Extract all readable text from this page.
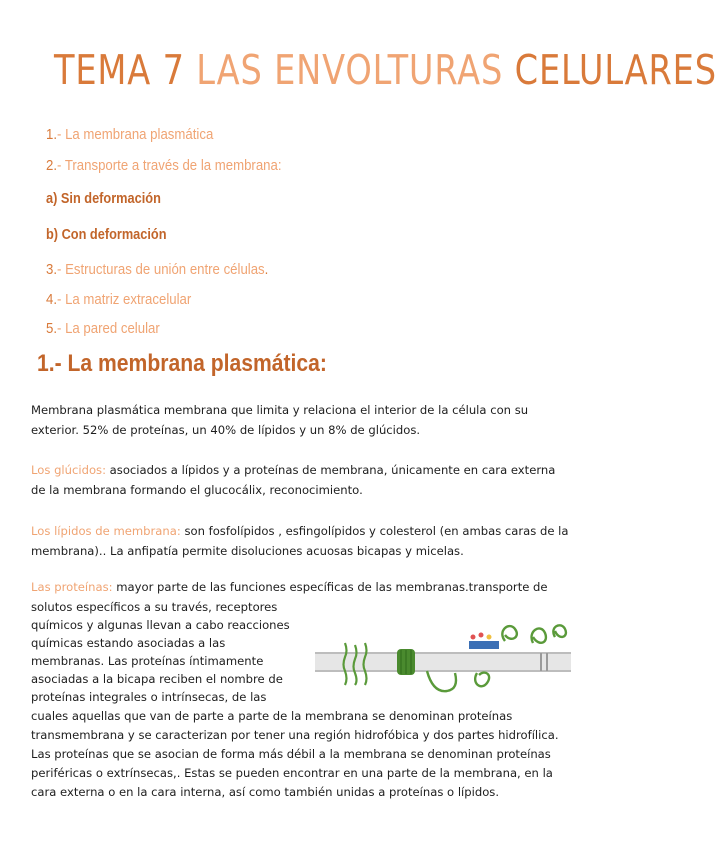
TEMA 7 LAS ENVOLTURAS CELULARES
1.- La membrana plasmática
2.- Transporte a través de la membrana:
a) Sin deformación
b) Con deformación
3.- Estructuras de unión entre células.
4.- La matriz extracelular
5.- La pared celular
1.- La membrana plasmática:
Membrana plasmática membrana que limita y relaciona el interior de la célula con su
exterior. 52% de proteínas, un 40% de lípidos y un 8% de glúcidos.
Los glúcidos: asociados a lípidos y a proteínas de membrana, únicamente en cara externa
de la membrana formando el glucocálix, reconocimiento.
Los lípidos de membrana: son fosfolípidos , esfingolípidos y colesterol (en ambas caras de la
membrana).. La anfipatía permite disoluciones acuosas bicapas y micelas.
Las proteínas: mayor parte de las funciones específicas de las membranas.transporte de
solutos específicos a su través, receptores
químicos y algunas llevan a cabo reacciones
químicas estando asociadas a las
membranas. Las proteínas íntimamente
asociadas a la bicapa reciben el nombre de
proteínas integrales o intrínsecas, de las
cuales aquellas que van de parte a parte de la membrana se denominan proteínas
transmembrana y se caracterizan por tener una región hidrofóbica y dos partes hidrofílica.
Las proteínas que se asocian de forma más débil a la membrana se denominan proteínas
periféricas o extrínsecas,. Estas se pueden encontrar en una parte de la membrana, en la
cara externa o en la cara interna, así como también unidas a proteínas o lípidos.
